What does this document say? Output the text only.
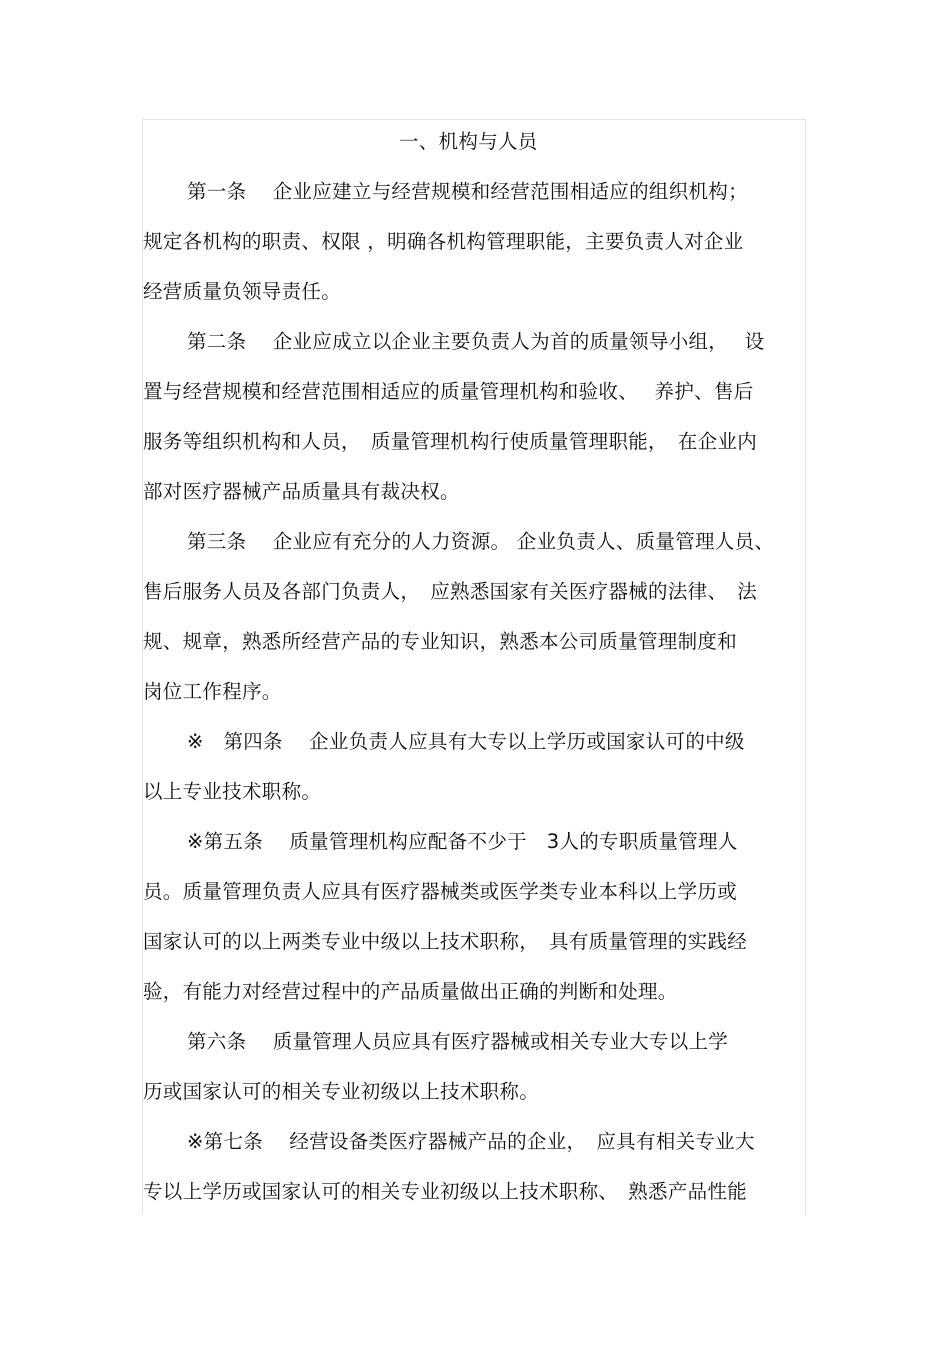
一、机构与人员
第一条　 企业应建立与经营规模和经营范围相适应的组织机构；
规定各机构的职责、权限 ，明确各机构管理职能，主要负责人对企业
经营质量负领导责任。
第二条　 企业应成立以企业主要负责人为首的质量领导小组，　 设
置与经营规模和经营范围相适应的质量管理机构和验收、　 养护、售后
服务等组织机构和人员，　质量管理机构行使质量管理职能，　在企业内
部对医疗器械产品质量具有裁决权。
第三条　 企业应有充分的人力资源。 企业负责人、质量管理人员、
售后服务人员及各部门负责人，　应熟悉国家有关医疗器械的法律、　法
规、规章，熟悉所经营产品的专业知识，熟悉本公司质量管理制度和
岗位工作程序。
※　第四条　 企业负责人应具有大专以上学历或国家认可的中级
以上专业技术职称。
※第五条　 质量管理机构应配备不少于　3人的专职质量管理人
员。质量管理负责人应具有医疗器械类或医学类专业本科以上学历或
国家认可的以上两类专业中级以上技术职称，　具有质量管理的实践经
验，有能力对经营过程中的产品质量做出正确的判断和处理。
第六条　 质量管理人员应具有医疗器械或相关专业大专以上学
历或国家认可的相关专业初级以上技术职称。
※第七条　 经营设备类医疗器械产品的企业，　应具有相关专业大
专以上学历或国家认可的相关专业初级以上技术职称、　熟悉产品性能
